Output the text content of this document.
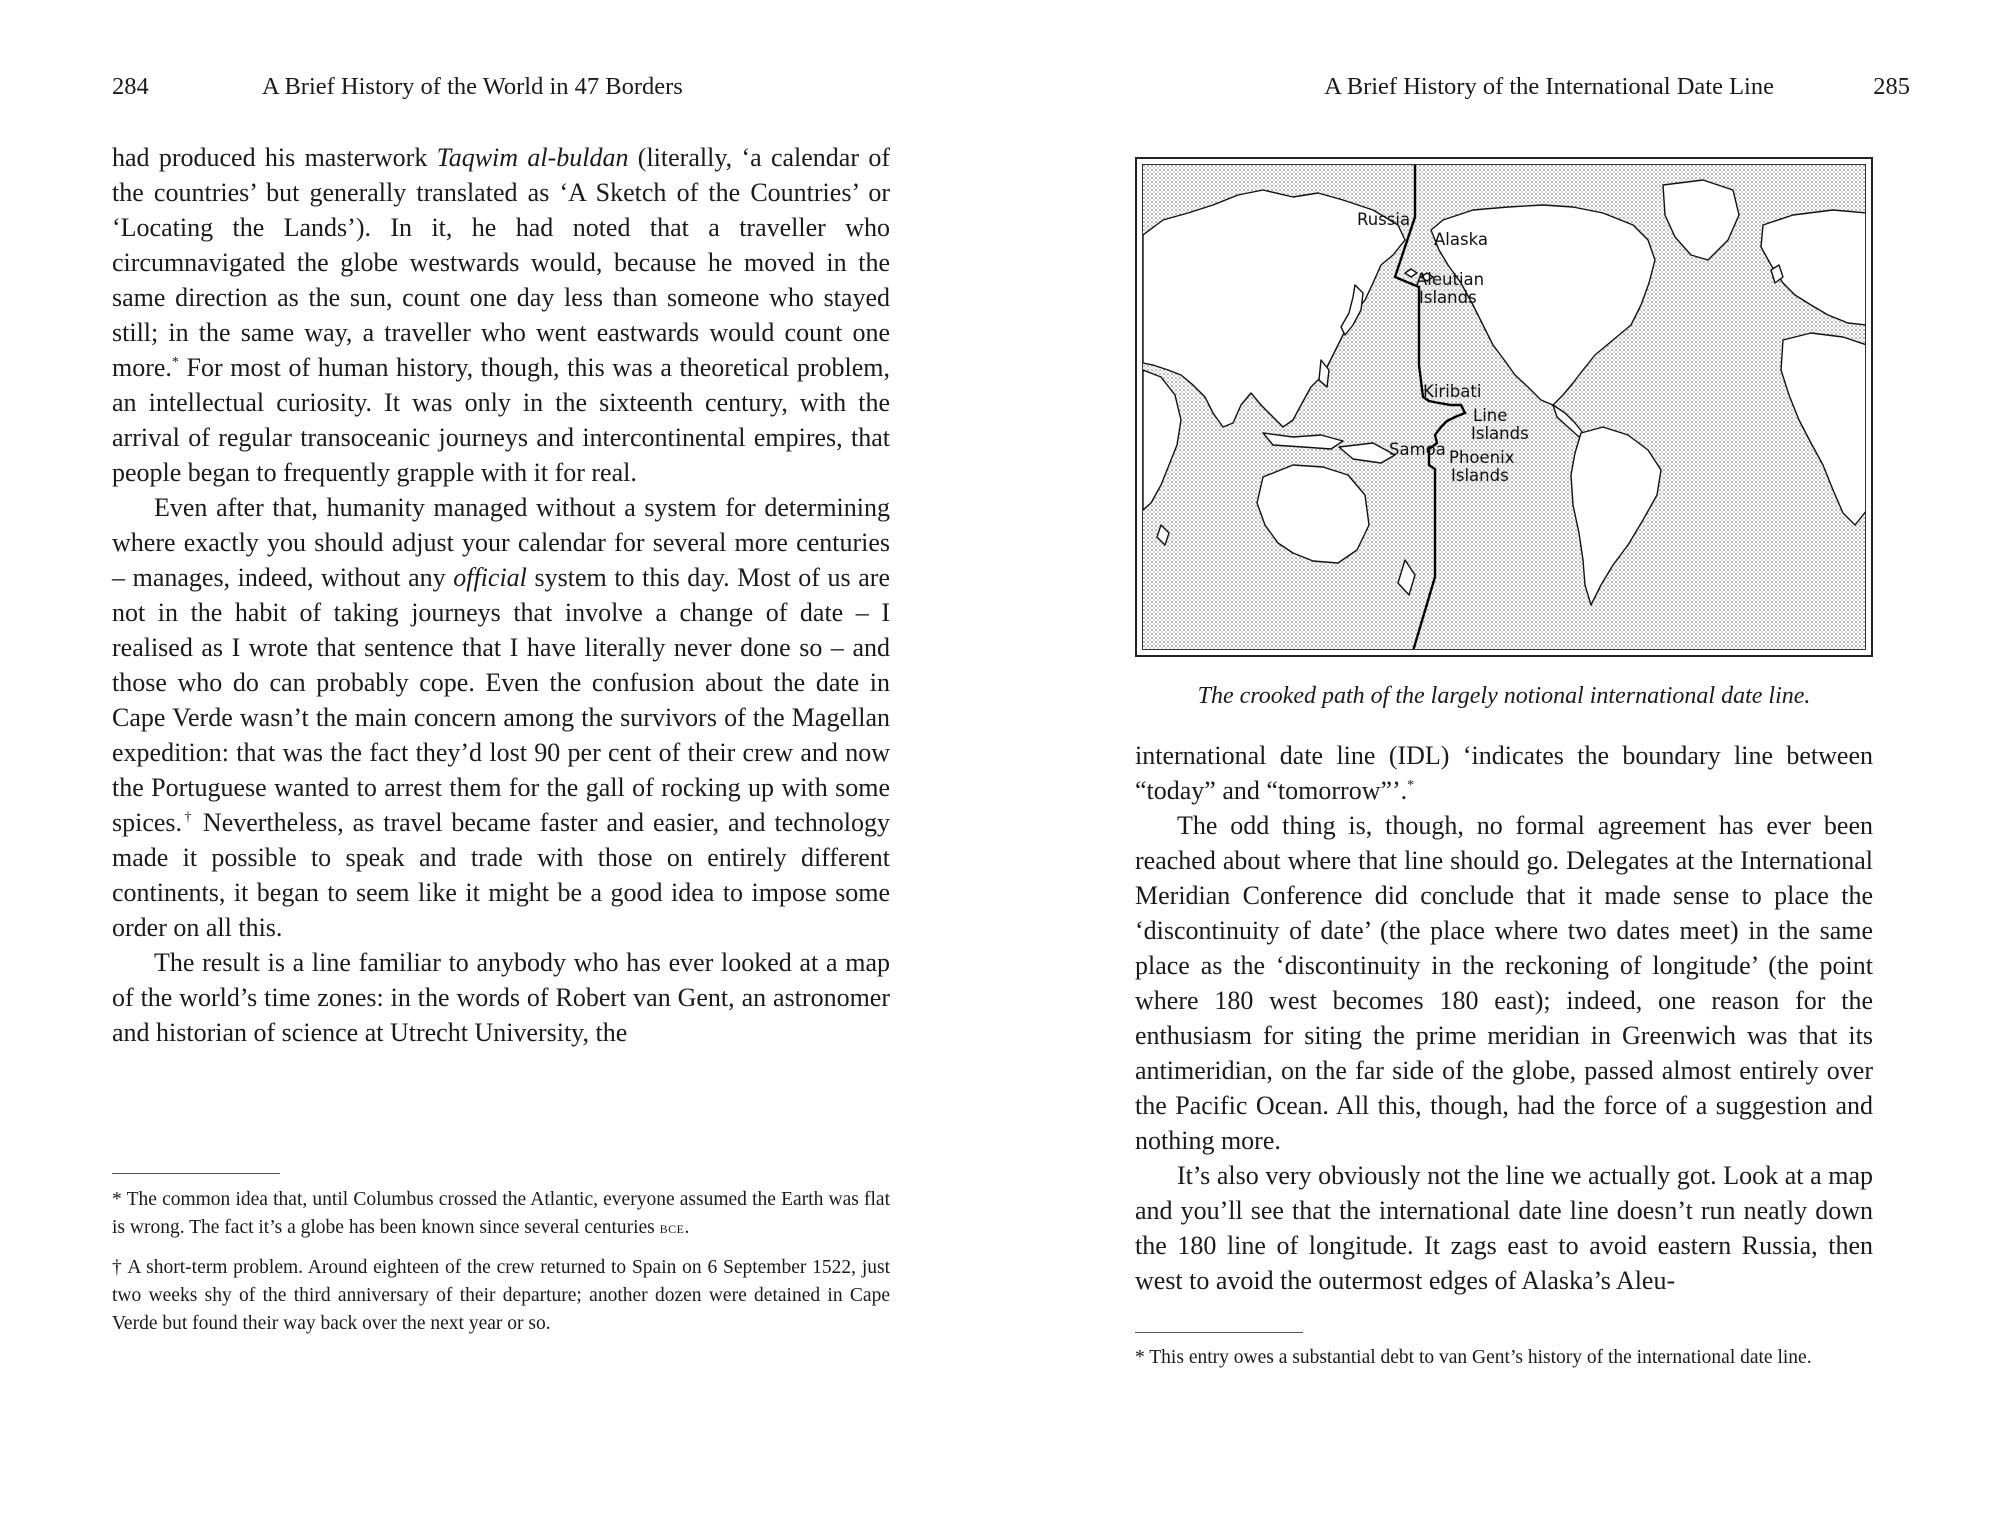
284	A Brief History of the World in 47 Borders

had produced his masterwork Taqwim al-buldan (literally, ‘a calendar of the countries’ but generally translated as ‘A Sketch of the Countries’ or ‘Locating the Lands’). In it, he had noted that a traveller who circumnavigated the globe westwards would, because he moved in the same direction as the sun, count one day less than someone who stayed still; in the same way, a traveller who went eastwards would count one more.* For most of human history, though, this was a theoretical problem, an intellectual curiosity. It was only in the sixteenth century, with the arrival of regular transoceanic journeys and intercontinental empires, that people began to frequently grapple with it for real.

Even after that, humanity managed without a system for determining where exactly you should adjust your calendar for several more centuries – manages, indeed, without any official system to this day. Most of us are not in the habit of taking journeys that involve a change of date – I realised as I wrote that sentence that I have literally never done so – and those who do can probably cope. Even the confusion about the date in Cape Verde wasn’t the main concern among the survivors of the Magellan expedition: that was the fact they’d lost 90 per cent of their crew and now the Portuguese wanted to arrest them for the gall of rocking up with some spices.† Nevertheless, as travel became faster and easier, and technology made it possible to speak and trade with those on entirely different continents, it began to seem like it might be a good idea to impose some order on all this.

The result is a line familiar to anybody who has ever looked at a map of the world’s time zones: in the words of Robert van Gent, an astronomer and historian of science at Utrecht University, the

* The common idea that, until Columbus crossed the Atlantic, everyone assumed the Earth was flat is wrong. The fact it’s a globe has been known since several centuries bce.

† A short-term problem. Around eighteen of the crew returned to Spain on 6 September 1522, just two weeks shy of the third anniversary of their departure; another dozen were detained in Cape Verde but found their way back over the next year or so.

A Brief History of the International Date Line	285
Russia
Alaska
Aleutian
Islands
Kiribati
Line
Islands
Samoa Phoenix
Islands
The crooked path of the largely notional international date line.

international date line (IDL) ‘indicates the boundary line between “today” and “tomorrow”’.*

The odd thing is, though, no formal agreement has ever been reached about where that line should go. Delegates at the International Meridian Conference did conclude that it made sense to place the ‘discontinuity of date’ (the place where two dates meet) in the same place as the ‘discontinuity in the reckoning of longitude’ (the point where 180 west becomes 180 east); indeed, one reason for the enthusiasm for siting the prime meridian in Greenwich was that its antimeridian, on the far side of the globe, passed almost entirely over the Pacific Ocean. All this, though, had the force of a suggestion and nothing more.

It’s also very obviously not the line we actually got. Look at a map and you’ll see that the international date line doesn’t run neatly down the 180 line of longitude. It zags east to avoid eastern Russia, then west to avoid the outermost edges of Alaska’s Aleu-

* This entry owes a substantial debt to van Gent’s history of the international date line.
